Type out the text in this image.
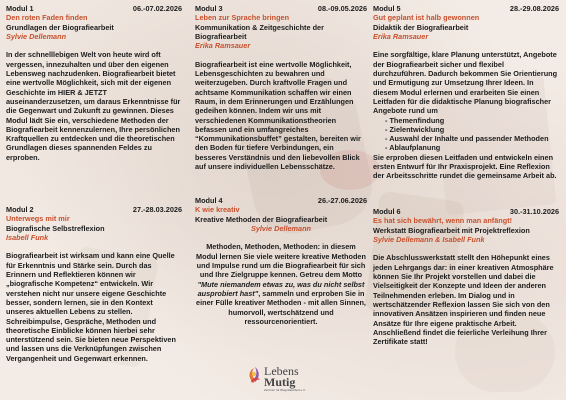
Modul 1	06.-07.02.2026
Den roten Faden finden
Grundlagen der Biografiearbeit
Sylvie Dellemann

In der schnelllebigen Welt von heute wird oft vergessen, innezuhalten und über den eigenen Lebensweg nachzudenken. Biografiearbeit bietet eine wertvolle Möglichkeit, sich mit der eigenen Geschichte im HIER & JETZT auseinanderzusetzen, um daraus Erkenntnisse für die Gegenwart und Zukunft zu gewinnen. Dieses Modul lädt Sie ein, verschiedene Methoden der Biografiearbeit kennenzulernen, Ihre persönlichen Kraftquellen zu entdecken und die theoretischen Grundlagen dieses spannenden Feldes zu erproben.

Modul 2	27.-28.03.2026
Unterwegs mit mir
Biografische Selbstreflexion
Isabell Funk

Biografiearbeit ist wirksam und kann eine Quelle für Erkenntnis und Stärke sein. Durch das Erinnern und Reflektieren können wir „biografische Kompetenz“ entwickeln. Wir verstehen nicht nur unsere eigene Geschichte besser, sondern lernen, sie in den Kontext unseres aktuellen Lebens zu stellen. Schreibimpulse, Gespräche, Methoden und theoretische Einblicke können hierbei sehr unterstützend sein. Sie bieten neue Perspektiven und lassen uns die Verknüpfungen zwischen Vergangenheit und Gegenwart erkennen.

Modul 3	08.-09.05.2026
Leben zur Sprache bringen
Kommunikation & Zeitgeschichte der Biografiearbeit
Erika Ramsauer

Biografiearbeit ist eine wertvolle Möglichkeit, Lebensgeschichten zu bewahren und weiterzugeben. Durch kraftvolle Fragen und achtsame Kommunikation schaffen wir einen Raum, in dem Erinnerungen und Erzählungen gedeihen können. Indem wir uns mit verschiedenen Kommunikationstheorien befassen und ein umfangreiches “Kommunikationsbuffet” gestalten, bereiten wir den Boden für tiefere Verbindungen, ein besseres Verständnis und den liebevollen Blick auf unsere individuellen Lebensschätze.

Modul 4	26.-27.06.2026
K wie kreativ
Kreative Methoden der Biografiearbeit
Sylvie Dellemann

Methoden, Methoden, Methoden: in diesem Modul lernen Sie viele weitere kreative Methoden und Impulse rund um die Biografiearbeit für sich und Ihre Zielgruppe kennen. Getreu dem Motto "Mute niemandem etwas zu, was du nicht selbst ausprobiert hast", sammeln und erproben Sie in einer Fülle kreativer Methoden - mit allen Sinnen, humorvoll, wertschätzend und ressourcenorientiert.

Modul 5	28.-29.08.2026
Gut geplant ist halb gewonnen
Didaktik der Biografiearbeit
Erika Ramsauer

Eine sorgfältige, klare Planung unterstützt, Angebote der Biografiearbeit sicher und flexibel durchzuführen. Dadurch bekommen Sie Orientierung und Ermutigung zur Umsetzung Ihrer Ideen. In diesem Modul erlernen und erarbeiten Sie einen Leitfaden für die didaktische Planung biografischer Angebote rund um

- Themenfindung
- Zielentwicklung
- Auswahl der Inhalte und passender Methoden
- Ablaufplanung

Sie erproben diesen Leitfaden und entwickeln einen ersten Entwurf für Ihr Praxisprojekt. Eine Reflexion der Arbeitsschritte rundet die gemeinsame Arbeit ab.

Modul 6	30.-31.10.2026
Es hat sich bewährt, wenn man anfängt!
Werkstatt Biografiearbeit mit Projektreflexion
Sylvie Dellemann & Isabell Funk

Die Abschlusswerkstatt stellt den Höhepunkt eines jeden Lehrgangs dar: in einer kreativen Atmosphäre können Sie Ihr Projekt vorstellen und dabei die Vielseitigkeit der Konzepte und Ideen der anderen Teilnehmenden erleben. Im Dialog und in wertschätzender Reflexion lassen Sie sich von den innovativen Ansätzen inspirieren und finden neue Ansätze für Ihre eigene praktische Arbeit. Anschließend findet die feierliche Verleihung Ihrer Zertifikate statt!

Lebens
Mutig
Zentrum für Biografiearbeit e.V.
